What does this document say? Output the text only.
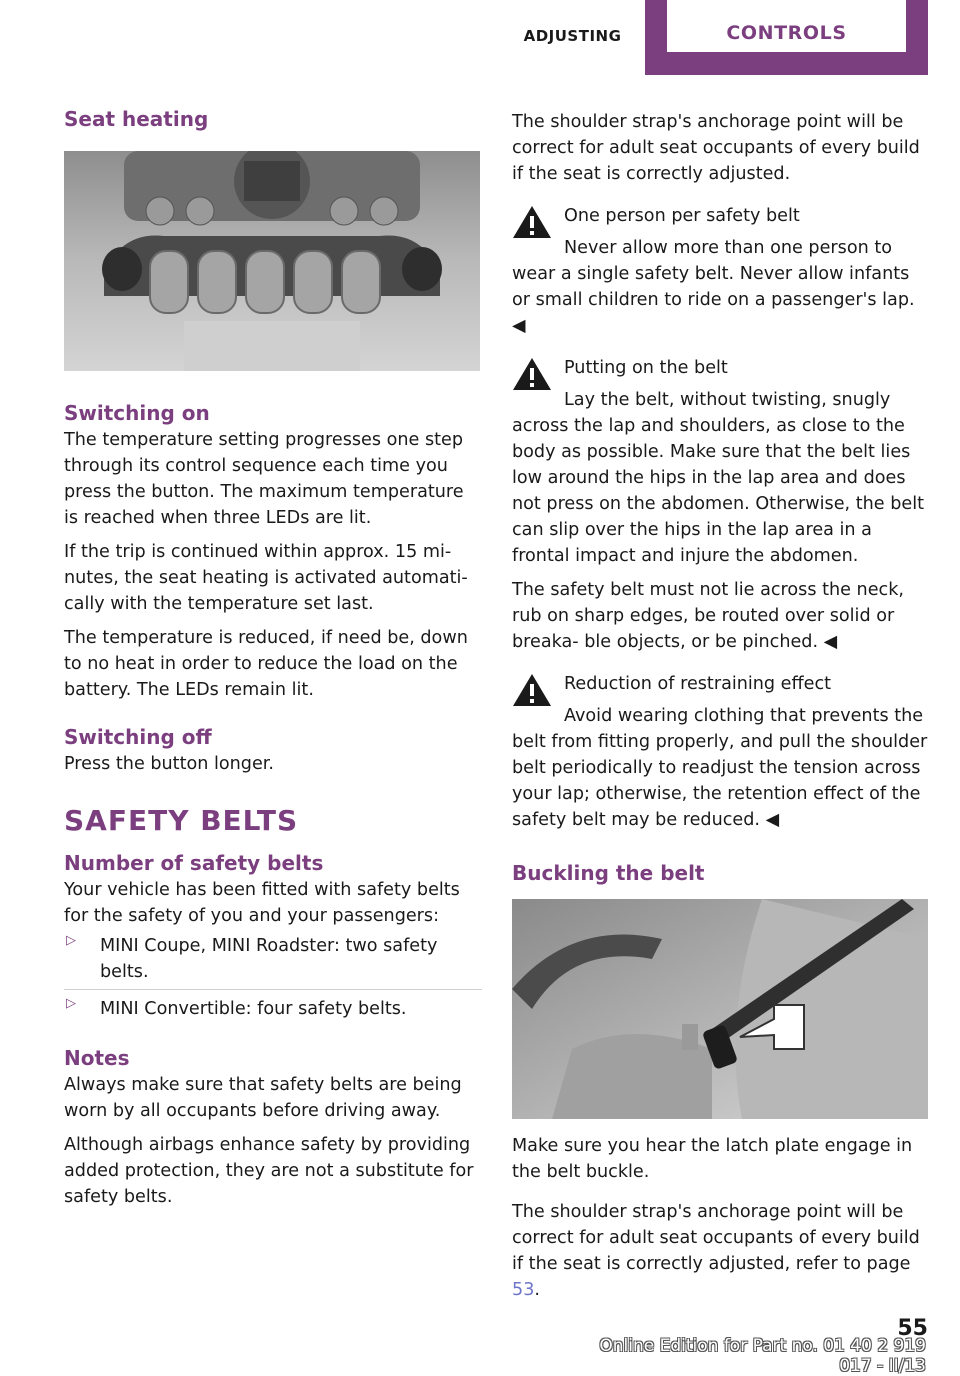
ADJUSTING	CONTROLS
Seat heating
Switching on

The temperature setting progresses one step through its control sequence each time you press the button. The maximum temperature is reached when three LEDs are lit.

If the trip is continued within approx. 15 mi‐ nutes, the seat heating is activated automati‐ cally with the temperature set last.

The temperature is reduced, if need be, down to no heat in order to reduce the load on the battery. The LEDs remain lit.

Switching off

Press the button longer.

SAFETY BELTS
Number of safety belts

Your vehicle has been fitted with safety belts for the safety of you and your passengers:

▷ MINI Coupe, MINI Roadster: two safety belts.

▷ MINI Convertible: four safety belts.

Notes

Always make sure that safety belts are being worn by all occupants before driving away.

Although airbags enhance safety by providing added protection, they are not a substitute for safety belts.

The shoulder strap's anchorage point will be correct for adult seat occupants of every build if the seat is correctly adjusted.

One person per safety belt

Never allow more than one person to wear a single safety belt. Never allow infants or small children to ride on a passenger's lap. ◀

Putting on the belt

Lay the belt, without twisting, snugly across the lap and shoulders, as close to the body as possible. Make sure that the belt lies low around the hips in the lap area and does not press on the abdomen. Otherwise, the belt can slip over the hips in the lap area in a frontal impact and injure the abdomen.

The safety belt must not lie across the neck, rub on sharp edges, be routed over solid or breaka‐ ble objects, or be pinched. ◀

Reduction of restraining effect

Avoid wearing clothing that prevents the belt from fitting properly, and pull the shoulder belt periodically to readjust the tension across your lap; otherwise, the retention effect of the safety belt may be reduced. ◀

Buckling the belt

Make sure you hear the latch plate engage in the belt buckle.

The shoulder strap's anchorage point will be correct for adult seat occupants of every build if the seat is correctly adjusted, refer to page 53.

55
Online Edition for Part no. 01 40 2 919 017 - II/13
